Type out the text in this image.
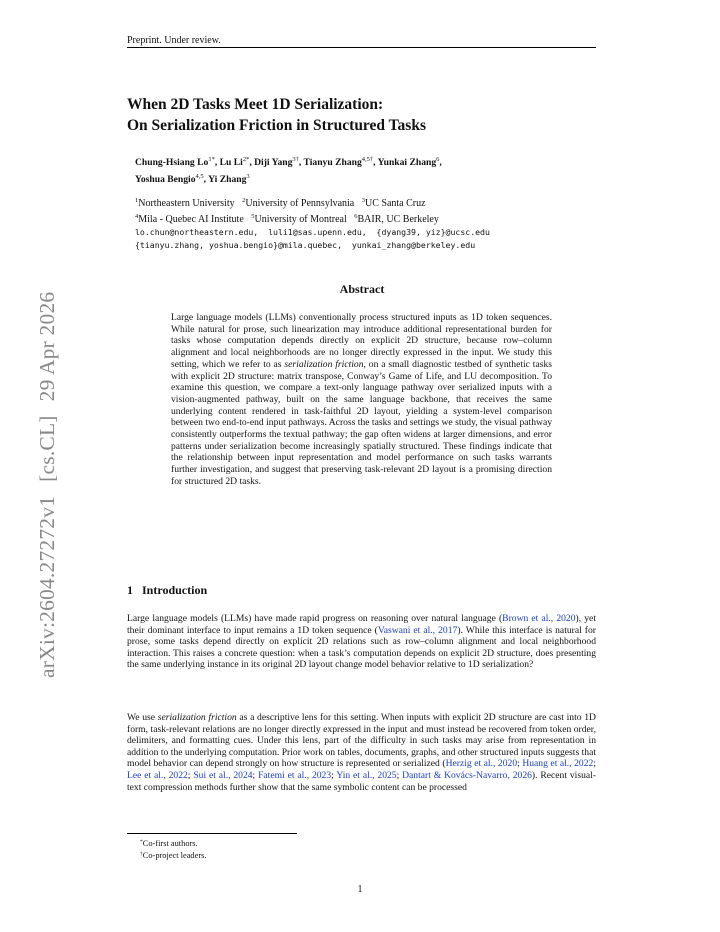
Preprint. Under review.
arXiv:2604.27272v1[cs.CL]29 Apr 2026
When 2D Tasks Meet 1D Serialization:
On Serialization Friction in Structured Tasks
Chung-Hsiang $Lo^{1*}$, Lu $Li^{2*}$, Diji Yang$^{3\dagger}$, Tianyu Zhang$^{4,5\dagger}$, Yunkai Zhang$^6$,
Yoshua Bengio$^{4,5}$, Yi Zhang$^3$
$^1$Northeastern University $^2$University of Pennsylvania $^3$UC Santa Cruz
$^4$Mila - Quebec AI Institute $^5$University of Montreal $^6$BAIR, UC Berkeley
lo.chun@northeastern.edu,  luli1@sas.upenn.edu,  {dyang39, yiz}@ucsc.edu
{tianyu.zhang, yoshua.bengio}@mila.quebec,  yunkai_zhang@berkeley.edu
Abstract
Large language models (LLMs) conventionally process structured inputs as 1D token sequences. While natural for prose, such linearization may introduce additional representational burden for tasks whose computation depends directly on explicit 2D structure, because row–column alignment and local neighborhoods are no longer directly expressed in the input. We study this setting, which we refer to as serialization friction, on a small diagnostic testbed of synthetic tasks with explicit 2D structure: matrix transpose, Conway’s Game of Life, and LU decomposition. To examine this question, we compare a text-only language pathway over serialized inputs with a vision-augmented pathway, built on the same language backbone, that receives the same underlying content rendered in task-faithful 2D layout, yielding a system-level comparison between two end-to-end input pathways. Across the tasks and settings we study, the visual pathway consistently outperforms the textual pathway; the gap often widens at larger dimensions, and error patterns under serialization become increasingly spatially structured. These findings indicate that the relationship between input representation and model performance on such tasks warrants further investigation, and suggest that preserving task-relevant 2D layout is a promising direction for structured 2D tasks.
1 Introduction
Large language models (LLMs) have made rapid progress on reasoning over natural language (Brown et al., 2020), yet their dominant interface to input remains a 1D token sequence (Vaswani et al., 2017). While this interface is natural for prose, some tasks depend directly on explicit 2D relations such as row–column alignment and local neighborhood interaction. This raises a concrete question: when a task’s computation depends on explicit 2D structure, does presenting the same underlying instance in its original 2D layout change model behavior relative to 1D serialization?
We use serialization friction as a descriptive lens for this setting. When inputs with explicit 2D structure are cast into 1D form, task-relevant relations are no longer directly expressed in the input and must instead be recovered from token order, delimiters, and formatting cues. Under this lens, part of the difficulty in such tasks may arise from representation in addition to the underlying computation. Prior work on tables, documents, graphs, and other structured inputs suggests that model behavior can depend strongly on how structure is represented or serialized (Herzig et al., 2020; Huang et al., 2022; Lee et al., 2022; Sui et al., 2024; Fatemi et al., 2023; Yin et al., 2025; Dantart & Kovács-Navarro, 2026). Recent visual-text compression methods further show that the same symbolic content can be processed
*Co-first authors.
†Co-project leaders.
1
